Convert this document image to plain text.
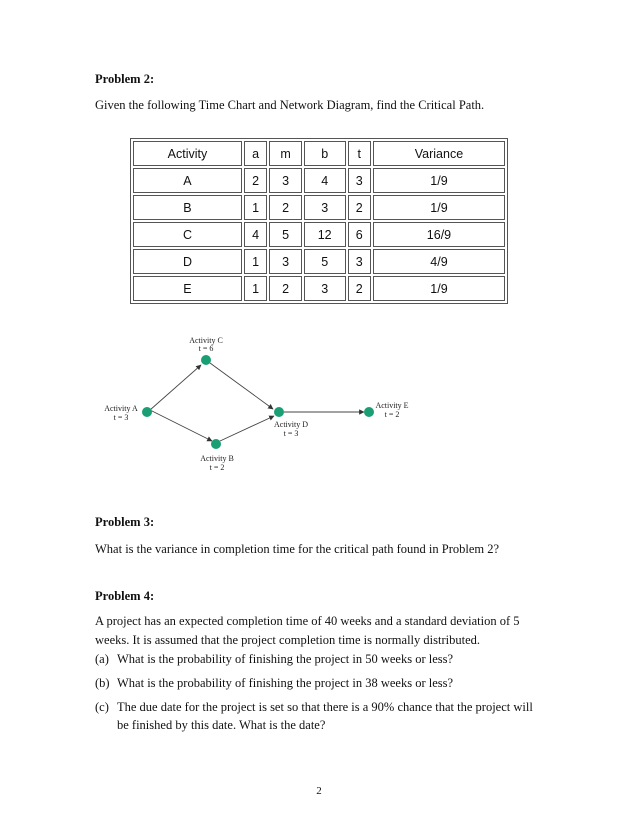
Problem 2:
Given the following Time Chart and Network Diagram, find the Critical Path.
Activity	a	m	b	t	Variance
A	2	3	4	3	1/9
B	1	2	3	2	1/9
C	4	5	12	6	16/9
D	1	3	5	3	4/9
E	1	2	3	2	1/9
Activity A
t = 3
Activity C
t = 6
Activity B
t = 2
Activity D
t = 3
Activity E
t = 2
Problem 3:
What is the variance in completion time for the critical path found in Problem 2?
Problem 4:
A project has an expected completion time of 40 weeks and a standard deviation of 5 weeks. It is assumed that the project completion time is normally distributed.
(a) What is the probability of finishing the project in 50 weeks or less?
(b) What is the probability of finishing the project in 38 weeks or less?
(c) The due date for the project is set so that there is a 90% chance that the project will be finished by this date. What is the date?
2
